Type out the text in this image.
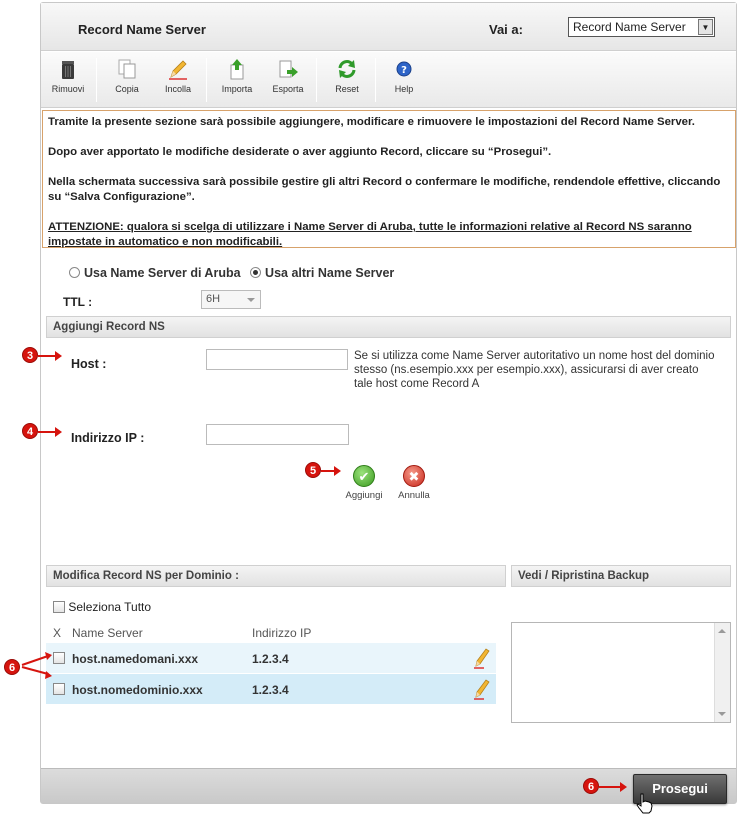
Record Name Server	Vai a:	Record Name Server	▼
Rimuovi	Copia	Incolla	Importa	Esporta	Reset
?
Help

Tramite la presente sezione sarà possibile aggiungere, modificare e rimuovere le impostazioni del Record Name Server.

Dopo aver apportato le modifiche desiderate o aver aggiunto Record, cliccare su “Prosegui”.

Nella schermata successiva sarà possibile gestire gli altri Record o confermare le modifiche, rendendole effettive, cliccando su “Salva Configurazione”.

ATTENZIONE: qualora si scelga di utilizzare i Name Server di Aruba, tutte le informazioni relative al Record NS saranno impostate in automatico e non modificabili.

Usa Name Server di Aruba Usa altri Name Server
TTL :	6H
Aggiungi Record NS
Host :
Se si utilizza come Name Server autoritativo un nome host del dominio stesso (ns.esempio.xxx per esempio.xxx), assicurarsi di aver creato tale host come Record A
Indirizzo IP :
✔
Aggiungi
✖
Annulla
Modifica Record NS per Dominio :	Vedi / Ripristina Backup
Seleziona Tutto
X Name Server	Indirizzo IP
host.namedomani.xxx	1.2.3.4
host.nomedominio.xxx	1.2.3.4
Prosegui
3
4
5
6
6
